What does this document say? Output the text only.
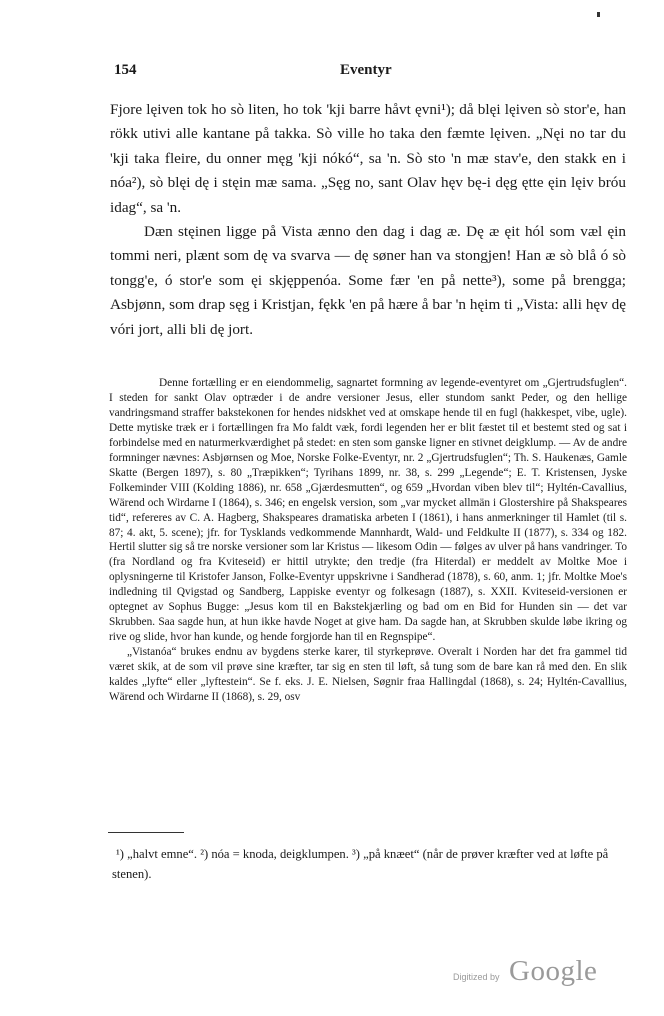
154	Eventyr

Fjore lęiven tok ho sò liten, ho tok 'kji barre håvt ęvni¹); då blęi lęiven sò stor'e, han rökk utivi alle kantane på takka. Sò ville ho taka den fæmte lęiven. „Nęi no tar du 'kji taka fleire, du onner męg 'kji nókó“, sa 'n. Sò sto 'n mæ stav'e, den stakk en i nóa²), sò blęi dę i stęin mæ sama. „Sęg no, sant Olav hęv bę-i dęg ętte ęin lęiv bróu idag“, sa 'n.

Dæn stęinen ligge på Vista ænno den dag i dag æ. Dę æ ęit hól som væl ęin tommi neri, plænt som dę va svarva — dę søner han va stongjen! Han æ sò blå ó sò tongg'e, ó stor'e som ęi skjęppenóa. Some fær 'en på nette³), some på brengga; Asbjønn, som drap sęg i Kristjan, fękk 'en på hære å bar 'n hęim ti „Vista: alli hęv dę vóri jort, alli bli dę jort.

Denne fortælling er en eiendommelig, sagnartet formning av legende-eventyret om „Gjertrudsfuglen“. I steden for sankt Olav optræder i de andre versioner Jesus, eller stundom sankt Peder, og den hellige vandringsmand straffer bakstekonen for hendes nidskhet ved at omskape hende til en fugl (hakkespet, vibe, ugle). Dette mytiske træk er i fortællingen fra Mo faldt væk, fordi legenden her er blit fæstet til et bestemt sted og sat i forbindelse med en naturmerkværdighet på stedet: en sten som ganske ligner en stivnet deigklump. — Av de andre formninger nævnes: Asbjørnsen og Moe, Norske Folke-Eventyr, nr. 2 „Gjertrudsfuglen“; Th. S. Haukenæs, Gamle Skatte (Bergen 1897), s. 80 „Træpikken“; Tyrihans 1899, nr. 38, s. 299 „Legende“; E. T. Kristensen, Jyske Folkeminder VIII (Kolding 1886), nr. 658 „Gjærdesmutten“, og 659 „Hvordan viben blev til“; Hyltén-Cavallius, Wärend och Wirdarne I (1864), s. 346; en engelsk version, som „var mycket allmän i Glostershire på Shakspeares tid“, refereres av C. A. Hagberg, Shakspeares dramatiska arbeten I (1861), i hans anmerkninger til Hamlet (til s. 87; 4. akt, 5. scene); jfr. for Tysklands vedkommende Mannhardt, Wald- und Feldkulte II (1877), s. 334 og 182. Hertil slutter sig så tre norske versioner som lar Kristus — likesom Odin — følges av ulver på hans vandringer. To (fra Nordland og fra Kviteseid) er hittil utrykte; den tredje (fra Hiterdal) er meddelt av Moltke Moe i oplysningerne til Kristofer Janson, Folke-Eventyr uppskrivne i Sandherad (1878), s. 60, anm. 1; jfr. Moltke Moe's indledning til Qvigstad og Sandberg, Lappiske eventyr og folkesagn (1887), s. XXII. Kviteseid-versionen er optegnet av Sophus Bugge: „Jesus kom til en Bakstekjærling og bad om en Bid for Hunden sin — det var Skrubben. Saa sagde hun, at hun ikke havde Noget at give ham. Da sagde han, at Skrubben skulde løbe ikring og rive og slide, hvor han kunde, og hende forgjorde han til en Regnspipe“.

„Vistanóa“ brukes endnu av bygdens sterke karer, til styrkeprøve. Overalt i Norden har det fra gammel tid været skik, at de som vil prøve sine kræfter, tar sig en sten til løft, så tung som de bare kan rå med den. En slik kaldes „lyfte“ eller „lyftestein“. Se f. eks. J. E. Nielsen, Søgnir fraa Hallingdal (1868), s. 24; Hyltén-Cavallius, Wärend och Wirdarne II (1868), s. 29, osv

¹) „halvt emne“. ²) nóa = knoda, deigklumpen. ³) „på knæet“ (når de prøver kræfter ved at løfte på stenen).

Digitized by Google
